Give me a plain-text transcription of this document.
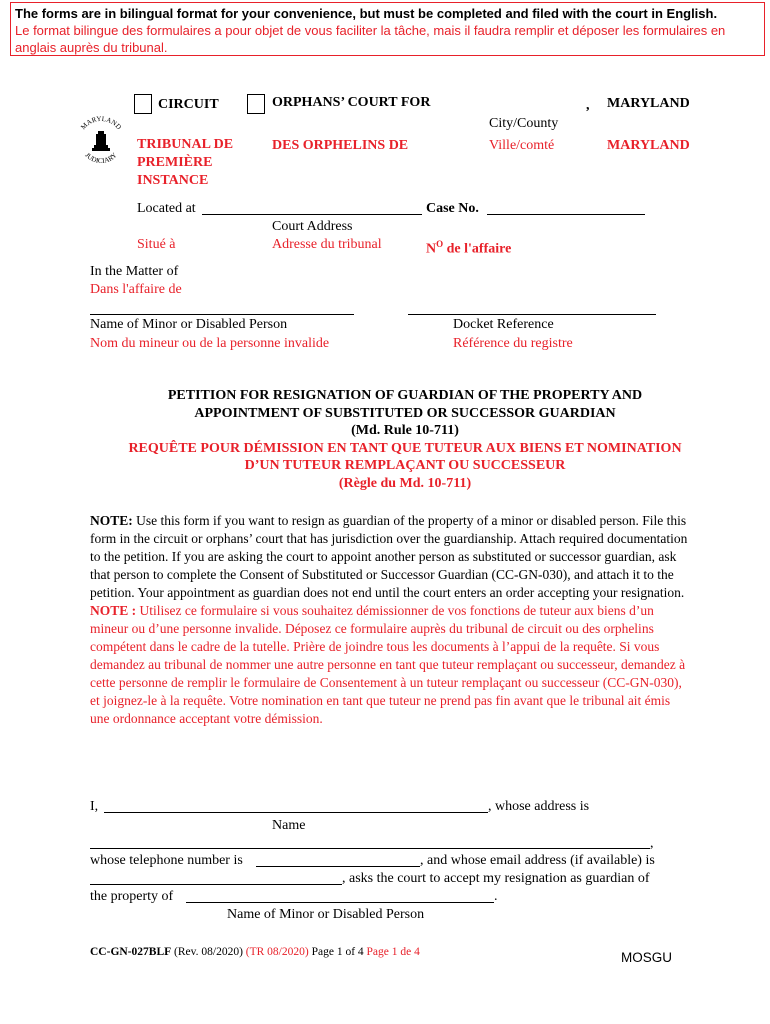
The forms are in bilingual format for your convenience, but must be completed and filed with the court in English.
Le format bilingue des formulaires a pour objet de vous faciliter la tâche, mais il faudra remplir et déposer les formulaires en anglais auprès du tribunal.
MARYLAND
JUDICIARY
CIRCUIT	ORPHANS’ COURT FOR	, MARYLAND
City/County
TRIBUNAL DE PREMIÈRE INSTANCE
DES ORPHELINS DE	Ville/comté	MARYLAND
Located at	Case No.
Court Address
Situé à	Adresse du tribunal	$N^O$ de l'affaire
In the Matter of
Dans l'affaire de
Name of Minor or Disabled Person	Docket Reference
Nom du mineur ou de la personne invalide	Référence du registre
PETITION FOR RESIGNATION OF GUARDIAN OF THE PROPERTY AND
APPOINTMENT OF SUBSTITUTED OR SUCCESSOR GUARDIAN
(Md. Rule 10-711)
REQUÊTE POUR DÉMISSION EN TANT QUE TUTEUR AUX BIENS ET NOMINATION
D’UN TUTEUR REMPLAÇANT OU SUCCESSEUR
(Règle du Md. 10-711)

NOTE: Use this form if you want to resign as guardian of the property of a minor or disabled person. File this form in the circuit or orphans’ court that has jurisdiction over the guardianship. Attach required documentation to the petition. If you are asking the court to appoint another person as substituted or successor guardian, ask that person to complete the Consent of Substituted or Successor Guardian (CC-GN-030), and attach it to the petition. Your appointment as guardian does not end until the court enters an order accepting your resignation.

NOTE : Utilisez ce formulaire si vous souhaitez démissionner de vos fonctions de tuteur aux biens d’un mineur ou d’une personne invalide. Déposez ce formulaire auprès du tribunal de circuit ou des orphelins compétent dans le cadre de la tutelle. Prière de joindre tous les documents à l’appui de la requête. Si vous demandez au tribunal de nommer une autre personne en tant que tuteur remplaçant ou successeur, demandez à cette personne de remplir le formulaire de Consentement à un tuteur remplaçant ou successeur (CC-GN-030), et joignez-le à la requête. Votre nomination en tant que tuteur ne prend pas fin avant que le tribunal ait émis une ordonnance acceptant votre démission.

I,	, whose address is
Name
,
whose telephone number is	, and whose email address (if available) is
, asks the court to accept my resignation as guardian of
the property of	.
Name of Minor or Disabled Person
CC-GN-027BLF (Rev. 08/2020) (TR 08/2020) Page 1 of 4 Page 1 de 4	MOSGU
